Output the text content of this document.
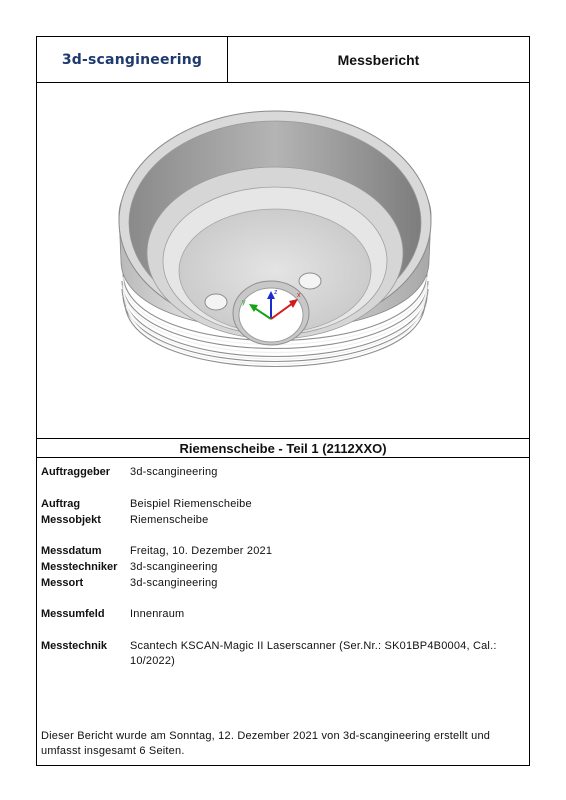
3d-scangineering	Messbericht
z
y
x
Riemenscheibe - Teil 1 (2112XXO)
Auftraggeber 3d-scangineering
Auftrag	Beispiel Riemenscheibe
Messobjekt	Riemenscheibe
Messdatum	Freitag, 10. Dezember 2021
Messtechniker 3d-scangineering
Messort	3d-scangineering
Messumfeld Innenraum
Messtechnik Scantech KSCAN-Magic II Laserscanner (Ser.Nr.: SK01BP4B0004, Cal.: 10/2022)
Dieser Bericht wurde am Sonntag, 12. Dezember 2021 von 3d-scangineering erstellt und umfasst insgesamt 6 Seiten.
